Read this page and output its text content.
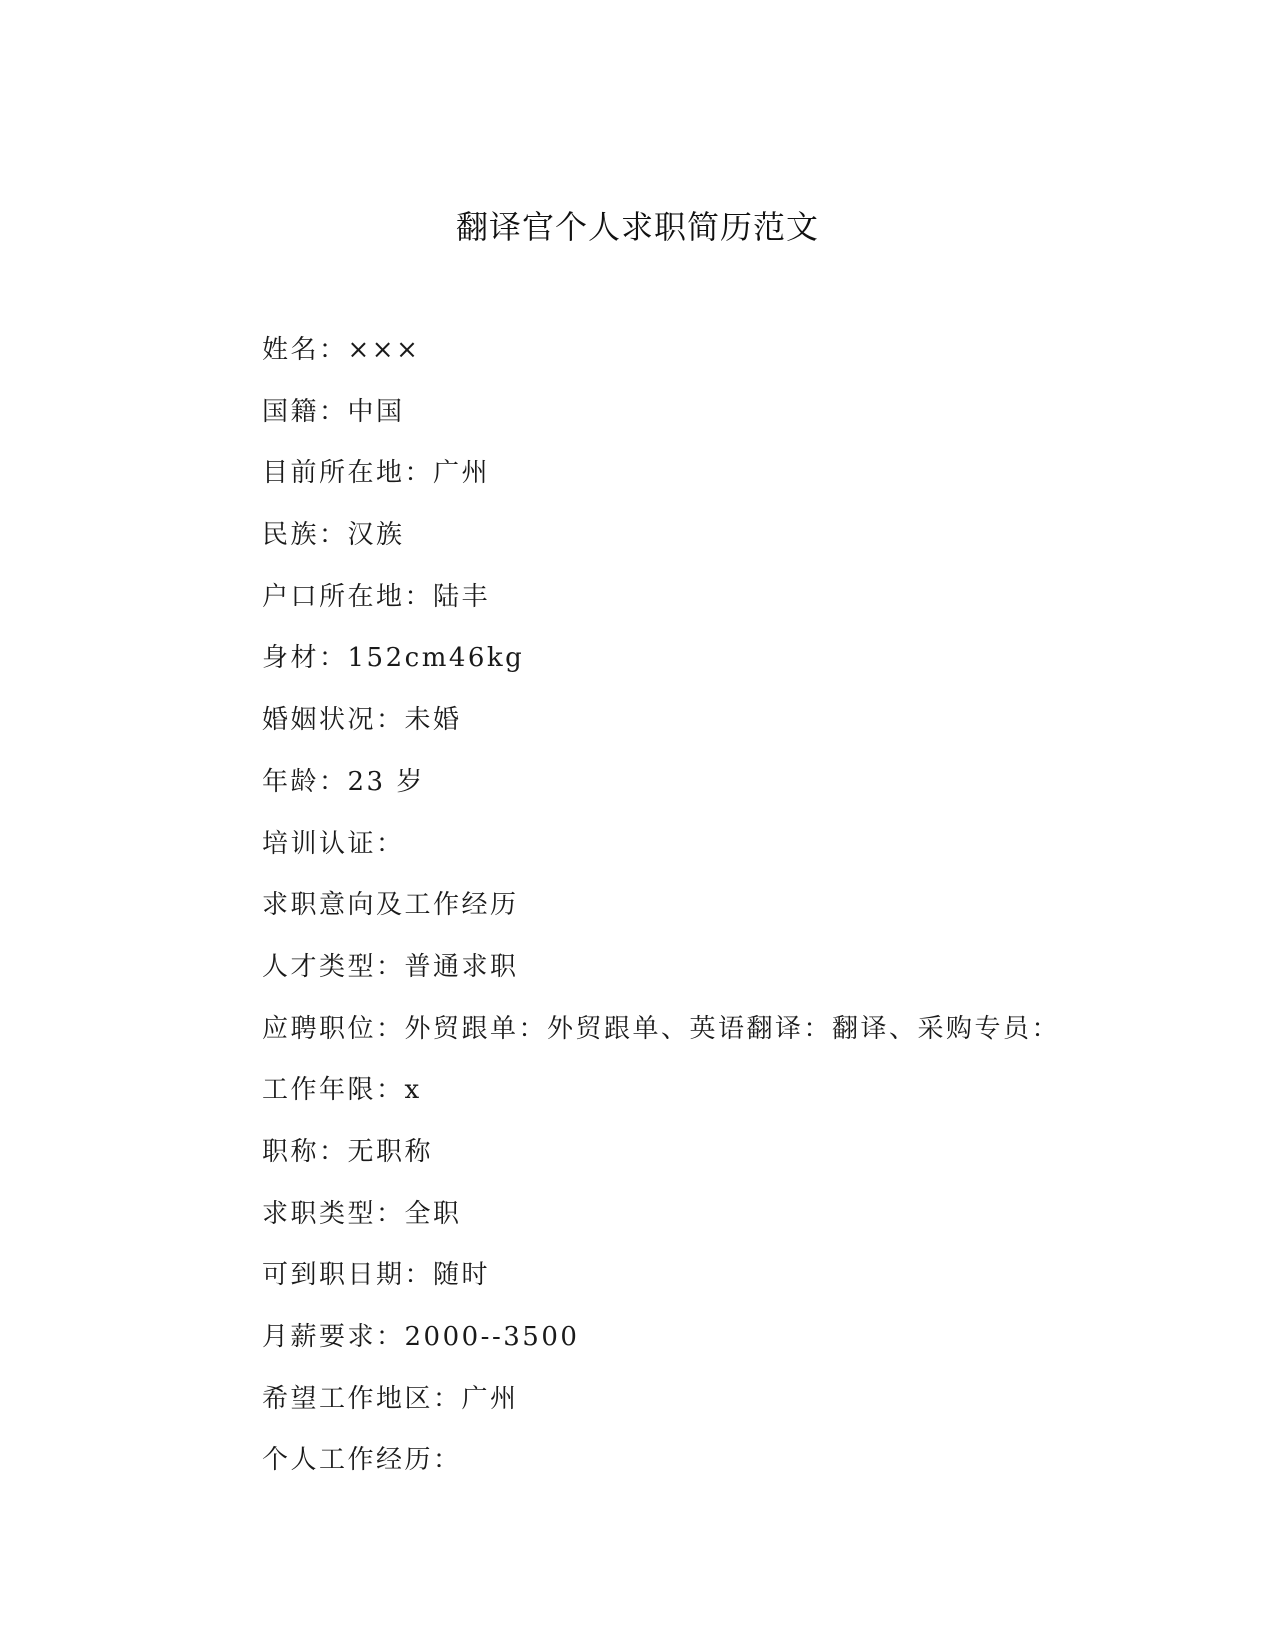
翻译官个人求职简历范文
姓名：×××
国籍：中国
目前所在地：广州
民族：汉族
户口所在地：陆丰
身材：152cm46kg
婚姻状况：未婚
年龄：23 岁
培训认证：
求职意向及工作经历
人才类型：普通求职
应聘职位：外贸跟单：外贸跟单、英语翻译：翻译、采购专员：
工作年限：x
职称：无职称
求职类型：全职
可到职日期：随时
月薪要求：2000--3500
希望工作地区：广州
个人工作经历：
